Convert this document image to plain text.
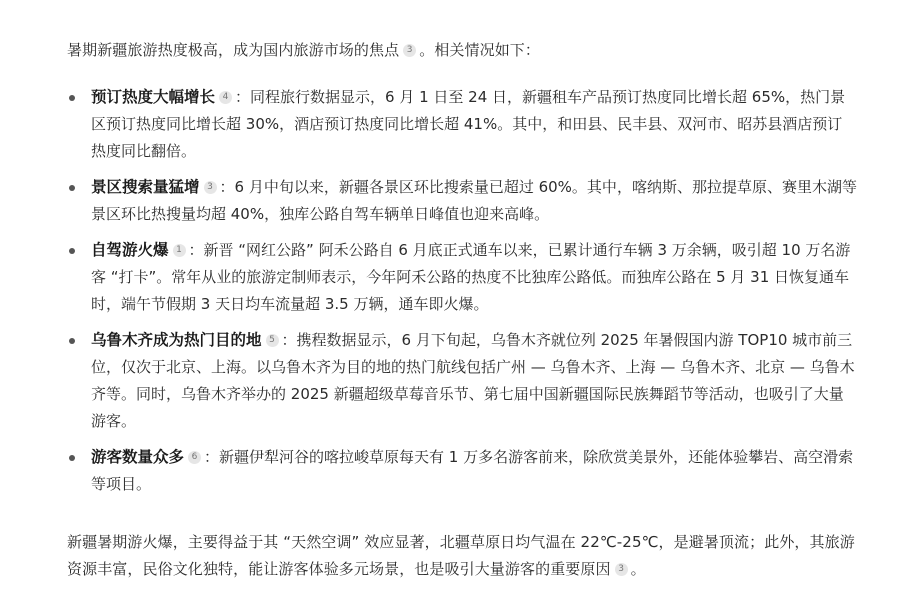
暑期新疆旅游热度极高，成为国内旅游市场的焦点 3 。相关情况如下：

预订热度大幅增长 4 ：同程旅行数据显示，6 月 1 日至 24 日，新疆租车产品预订热度同比增长超 65%，热门景区预订热度同比增长超 30%，酒店预订热度同比增长超 41%。其中，和田县、民丰县、双河市、昭苏县酒店预订热度同比翻倍。
景区搜索量猛增 3 ：6 月中旬以来，新疆各景区环比搜索量已超过 60%。其中，喀纳斯、那拉提草原、赛里木湖等景区环比热搜量均超 40%，独库公路自驾车辆单日峰值也迎来高峰。
自驾游火爆 1 ：新晋 “网红公路” 阿禾公路自 6 月底正式通车以来，已累计通行车辆 3 万余辆，吸引超 10 万名游客 “打卡”。常年从业的旅游定制师表示，今年阿禾公路的热度不比独库公路低。而独库公路在 5 月 31 日恢复通车时，端午节假期 3 天日均车流量超 3.5 万辆，通车即火爆。
乌鲁木齐成为热门目的地 5 ：携程数据显示，6 月下旬起，乌鲁木齐就位列 2025 年暑假国内游 TOP10 城市前三位，仅次于北京、上海。以乌鲁木齐为目的地的热门航线包括广州 — 乌鲁木齐、上海 — 乌鲁木齐、北京 — 乌鲁木齐等。同时，乌鲁木齐举办的 2025 新疆超级草莓音乐节、第七届中国新疆国际民族舞蹈节等活动，也吸引了大量游客。
游客数量众多 6 ：新疆伊犁河谷的喀拉峻草原每天有 1 万多名游客前来，除欣赏美景外，还能体验攀岩、高空滑索等项目。

新疆暑期游火爆，主要得益于其 “天然空调” 效应显著，北疆草原日均气温在 22℃-25℃，是避暑顶流；此外，其旅游资源丰富，民俗文化独特，能让游客体验多元场景，也是吸引大量游客的重要原因 3 。
